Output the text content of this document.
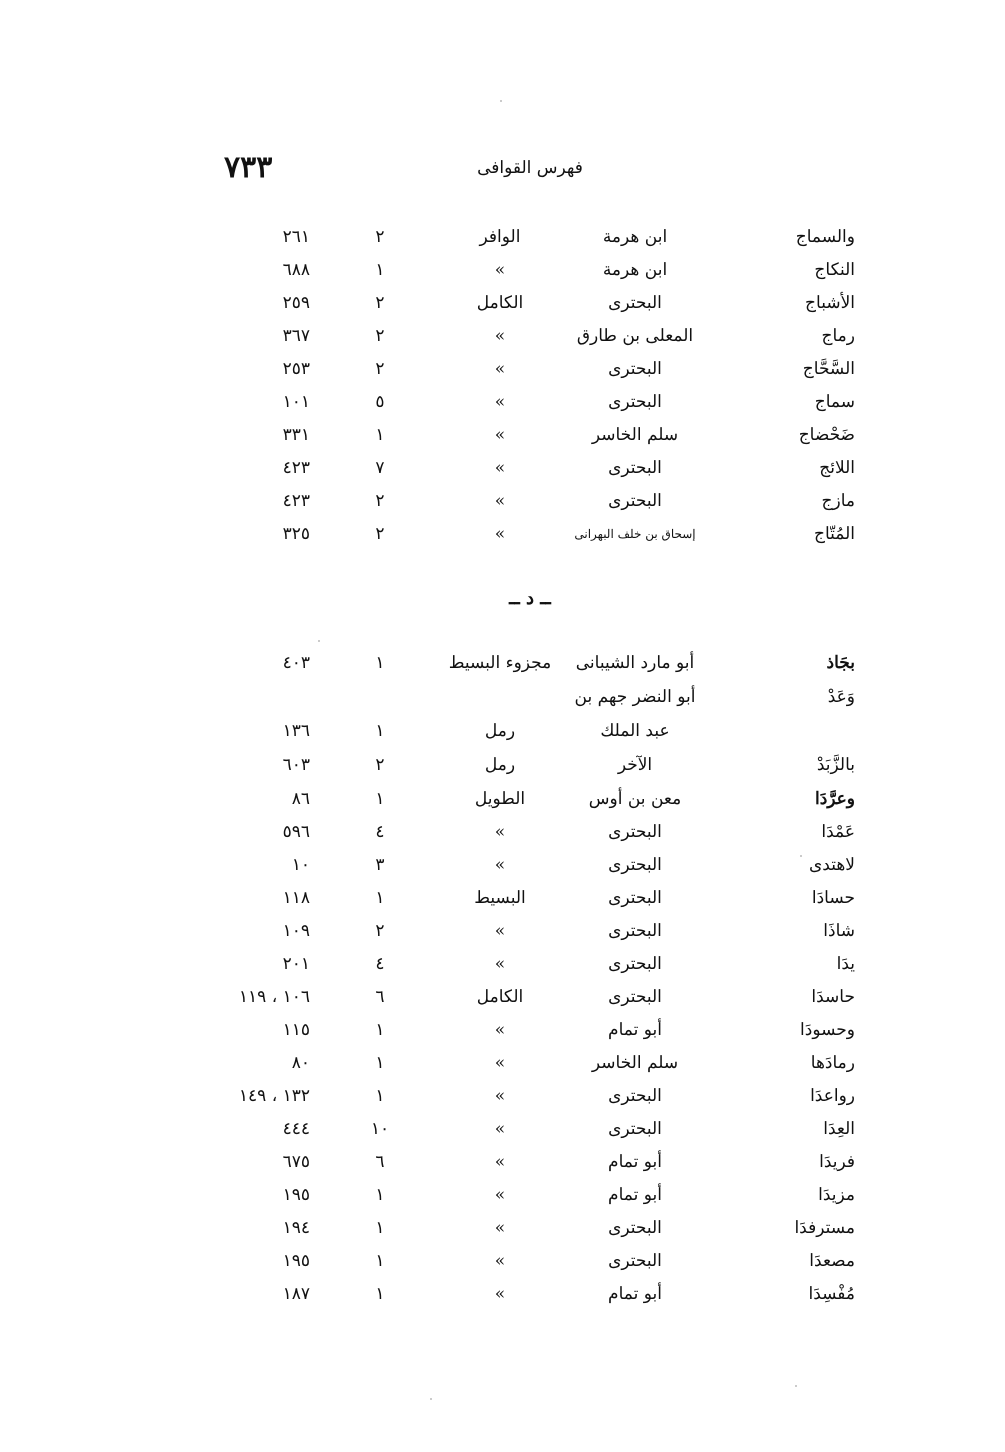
٧٣٣	فهرس القوافى
ــ د ــ
والسماج
ابن هرمة
الوافر
٢
٢٦١
النكاج
ابن هرمة
»
١
٦٨٨
الأشباج
البحترى
الكامل
٢
٢٥٩
رماج
المعلى بن طارق
»
٢
٣٦٧
السَّحَّاج
البحترى
»
٢
٢٥٣
سماج
البحترى
»
٥
١٠١
ضَحْضاج
سلم الخاسر
»
١
٣٣١
اللائج
البحترى
»
٧
٤٢٣
مازج
البحترى
»
٢
٤٢٣
المُتّاج
إسحاق بن خلف البهرانى
»
٢
٣٢٥
بجَاذ
أبو مارد الشيبانى
مجزوء البسيط
١
٤٠٣
وَعَدْ
أبو النضر جهم بن
عبد الملك
رمل
١
١٣٦
بالزَّبَدْ
الآخر
رمل
٢
٦٠٣
وعرَّدَا
معن بن أوس
الطويل
١
٨٦
عَمْدَا
البحترى
»
٤
٥٩٦
لاهتدى
البحترى
»
٣
١٠
حسادَا
البحترى
البسيط
١
١١٨
شاذَا
البحترى
»
٢
١٠٩
يدَا
البحترى
»
٤
٢٠١
حاسدَا
البحترى
الكامل
٦
١٠٦ ، ١١٩
وحسودَا
أبو تمام
»
١
١١٥
رمادَها
سلم الخاسر
»
١
٨٠
رواعدَا
البحترى
»
١
١٣٢ ، ١٤٩
العِدَا
البحترى
»
١٠
٤٤٤
فريدَا
أبو تمام
»
٦
٦٧٥
مزيدَا
أبو تمام
»
١
١٩٥
مسترفدَا
البحترى
»
١
١٩٤
مصعدَا
البحترى
»
١
١٩٥
مُفْسِدَا
أبو تمام
»
١
١٨٧
